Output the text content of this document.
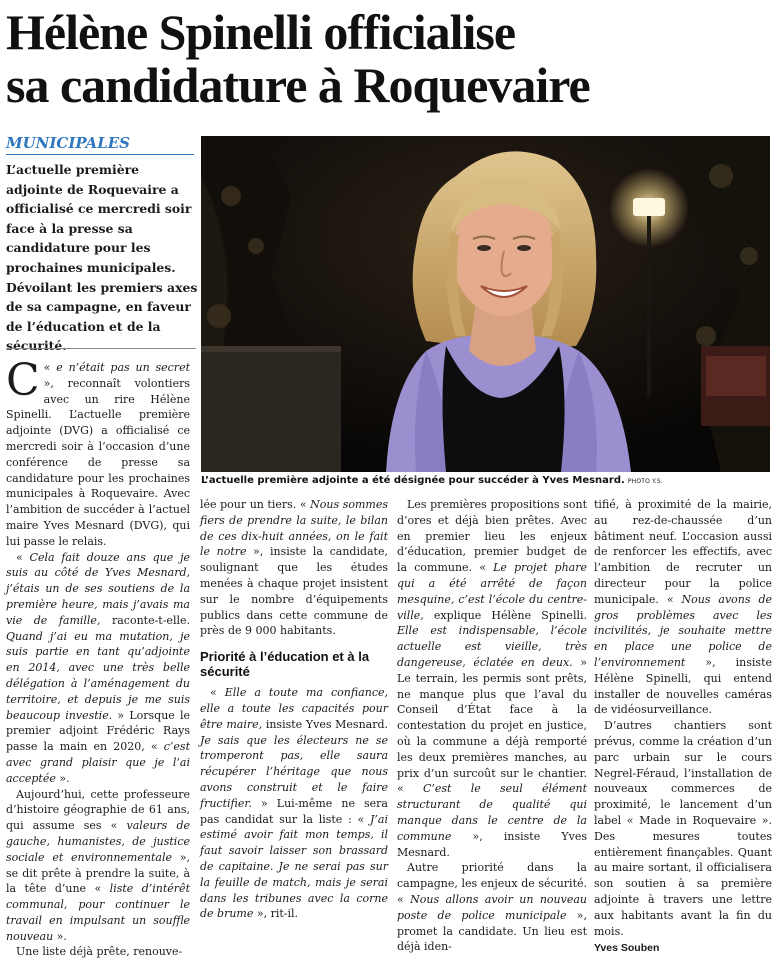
Hélène Spinelli officialise
sa candidature à Roquevaire
MUNICIPALES

L’actuelle première adjointe de Roquevaire a officialisé ce mercredi soir face à la presse sa candidature pour les prochaines municipales. Dévoilant les premiers axes de sa campagne, en faveur de l’éducation et de la sécurité.

L’actuelle première adjointe a été désignée pour succéder à Yves Mesnard. PHOTO Y.S.

C « e n’était pas un secret », reconnaît volontiers avec un rire Hélène Spinelli. L’actuelle première adjointe (DVG) a officialisé ce mercredi soir à l’occasion d’une conférence de presse sa candidature pour les prochaines municipales à Roquevaire. Avec l’ambition de succéder à l’actuel maire Yves Mesnard (DVG), qui lui passe le relais.

« Cela fait douze ans que je suis au côté de Yves Mesnard, j’étais un de ses soutiens de la première heure, mais j’avais ma vie de famille, raconte-t-elle. Quand j’ai eu ma mutation, je suis partie en tant qu’adjointe en 2014, avec une très belle délégation à l’aménagement du territoire, et depuis je me suis beaucoup investie. » Lorsque le premier adjoint Frédéric Rays passe la main en 2020, « c’est avec grand plaisir que je l’ai acceptée ».

Aujourd’hui, cette professeure d’histoire géographie de 61 ans, qui assume ses « valeurs de gauche, humanistes, de justice sociale et environnementale », se dit prête à prendre la suite, à la tête d’une « liste d’intérêt communal, pour continuer le travail en impulsant un souffle nouveau ».

Une liste déjà prête, renouve-

lée pour un tiers. « Nous sommes fiers de prendre la suite, le bilan de ces dix-huit années, on le fait le notre », insiste la candidate, soulignant que les études menées à chaque projet insistent sur le nombre d’équipements publics dans cette commune de près de 9 000 habitants.

Priorité à l’éducation et à la sécurité

« Elle a toute ma confiance, elle a toute les capacités pour être maire, insiste Yves Mesnard. Je sais que les électeurs ne se tromperont pas, elle saura récupérer l’héritage que nous avons construit et le faire fructifier. » Lui-même ne sera pas candidat sur la liste : « J’ai estimé avoir fait mon temps, il faut savoir laisser son brassard de capitaine. Je ne serai pas sur la feuille de match, mais je serai dans les tribunes avec la corne de brume », rit-il.

Les premières propositions sont d’ores et déjà bien prêtes. Avec en premier lieu les enjeux d’éducation, premier budget de la commune. « Le projet phare qui a été arrêté de façon mesquine, c’est l’école du centre-ville, explique Hélène Spinelli. Elle est indispensable, l’école actuelle est vieille, très dangereuse, éclatée en deux. » Le terrain, les permis sont prêts, ne manque plus que l’aval du Conseil d’État face à la contestation du projet en justice, où la commune a déjà remporté les deux premières manches, au prix d’un surcoût sur le chantier. « C’est le seul élément structurant de qualité qui manque dans le centre de la commune », insiste Yves Mesnard.

Autre priorité dans la campagne, les enjeux de sécurité. « Nous allons avoir un nouveau poste de police municipale », promet la candidate. Un lieu est déjà iden-

tifié, à proximité de la mairie, au rez-de-chaussée d’un bâtiment neuf. L’occasion aussi de renforcer les effectifs, avec l’ambition de recruter un directeur pour la police municipale. « Nous avons de gros problèmes avec les incivilités, je souhaite mettre en place une police de l’environnement », insiste Hélène Spinelli, qui entend installer de nouvelles caméras de vidéosurveillance.

D’autres chantiers sont prévus, comme la création d’un parc urbain sur le cours Negrel-Féraud, l’installation de nouveaux commerces de proximité, le lancement d’un label « Made in Roquevaire ». Des mesures toutes entièrement finançables. Quant au maire sortant, il officialisera son soutien à sa première adjointe à travers une lettre aux habitants avant la fin du mois.

Yves Souben
